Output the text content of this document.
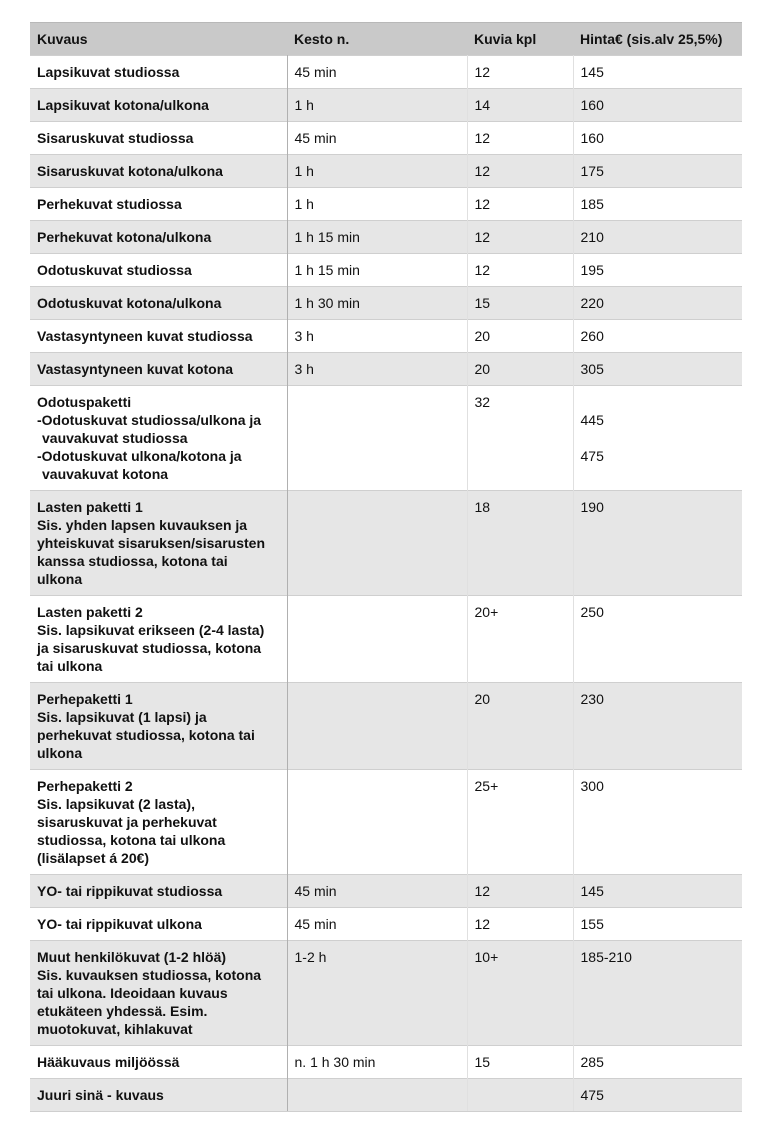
Kuvaus	Kesto n.	Kuvia kpl	Hinta€ (sis.alv 25,5%)

Lapsikuvat studiossa	45 min	12	145

Lapsikuvat kotona/ulkona	1 h	14	160

Sisaruskuvat studiossa	45 min	12	160

Sisaruskuvat kotona/ulkona	1 h	12	175

Perhekuvat studiossa	1 h	12	185

Perhekuvat kotona/ulkona	1 h 15 min	12	210

Odotuskuvat studiossa	1 h 15 min	12	195

Odotuskuvat kotona/ulkona	1 h 30 min	15	220

Vastasyntyneen kuvat studiossa	3 h	20	260

Vastasyntyneen kuvat kotona	3 h	20	305

Odotuspaketti
-Odotuskuvat studiossa/ulkona ja
vauvakuvat studiossa
-Odotuskuvat ulkona/kotona ja
vauvakuvat kotona		32	445
475

Lasten paketti 1
Sis. yhden lapsen kuvauksen ja
yhteiskuvat sisaruksen/sisarusten
kanssa studiossa, kotona tai
ulkona		18	190

Lasten paketti 2
Sis. lapsikuvat erikseen (2-4 lasta)
ja sisaruskuvat studiossa, kotona
tai ulkona		20+	250

Perhepaketti 1
Sis. lapsikuvat (1 lapsi) ja
perhekuvat studiossa, kotona tai
ulkona		20	230

Perhepaketti 2
Sis. lapsikuvat (2 lasta),
sisaruskuvat ja perhekuvat
studiossa, kotona tai ulkona
(lisälapset á 20€)		25+	300

YO- tai rippikuvat studiossa	45 min	12	145

YO- tai rippikuvat ulkona	45 min	12	155

Muut henkilökuvat (1-2 hlöä)
Sis. kuvauksen studiossa, kotona
tai ulkona. Ideoidaan kuvaus
etukäteen yhdessä. Esim.
muotokuvat, kihlakuvat	1-2 h	10+	185-210

Hääkuvaus miljöössä	n. 1 h 30 min	15	285

Juuri sinä - kuvaus			475
